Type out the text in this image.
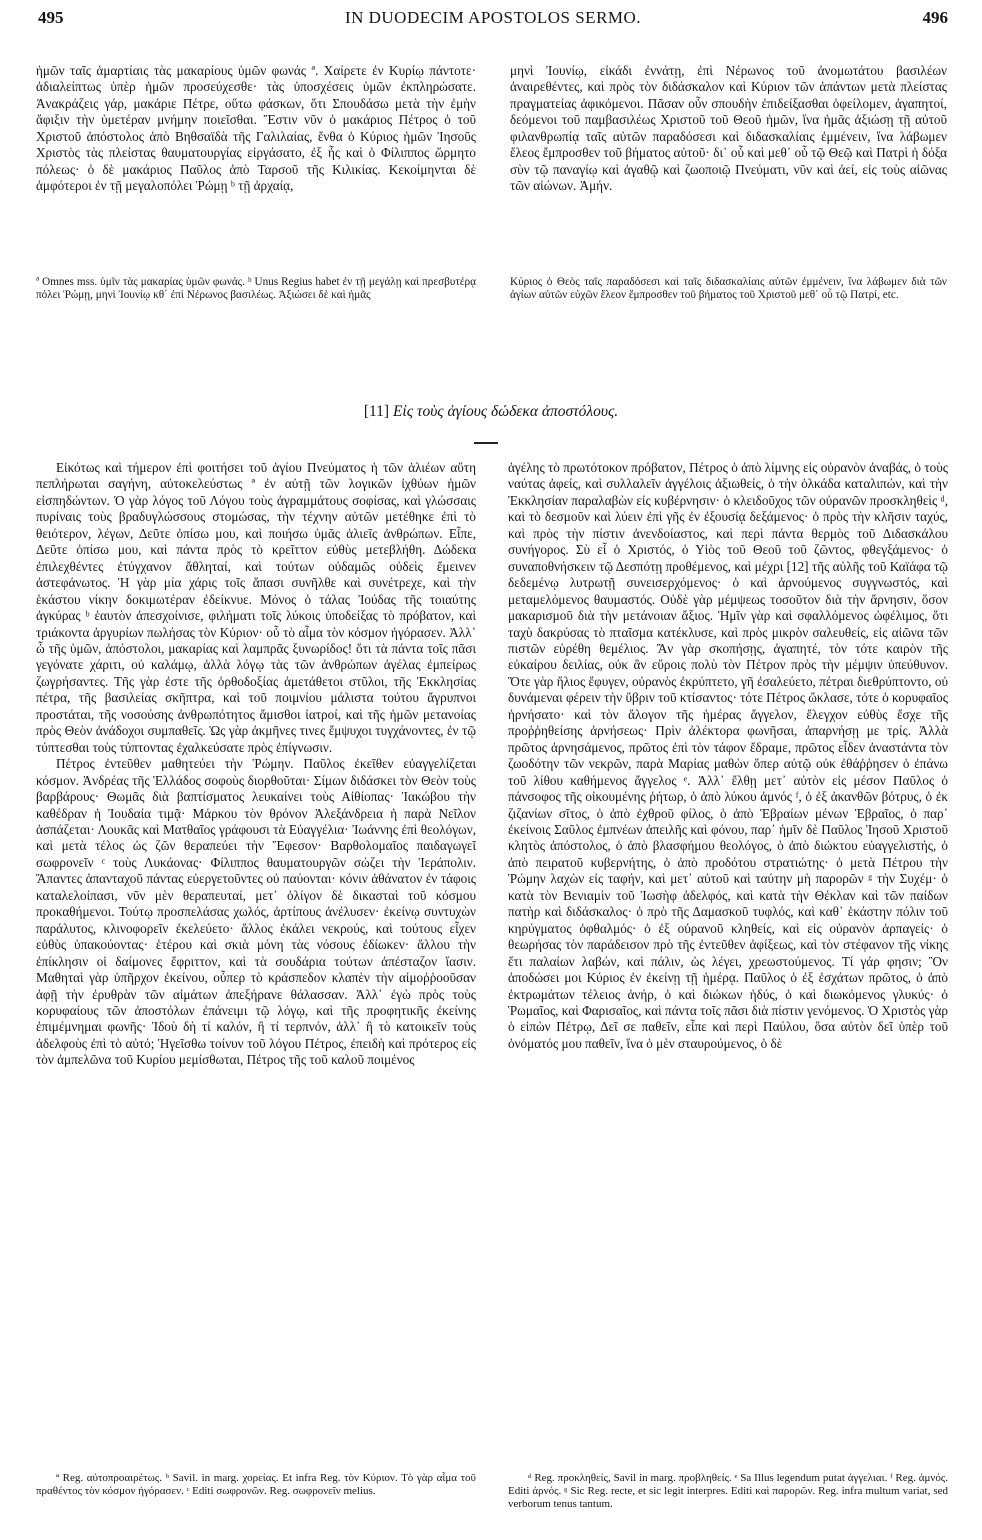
495	IN DUODECIM APOSTOLOS SERMO.	496

ἡμῶν ταῖς ἁμαρτίαις τὰς μακαρίους ὑμῶν φωνάς ª. Χαίρετε ἐν Κυρίῳ πάντοτε· ἀδιαλείπτως ὑπὲρ ἡμῶν προσεύχεσθε· τὰς ὑποσχέσεις ὑμῶν ἐκπληρώσατε. Ἀνακράζεις γάρ, μακάριε Πέτρε, οὕτω φάσκων, ὅτι Σπουδάσω μετὰ τὴν ἐμὴν ἄφιξιν τὴν ὑμετέραν μνήμην ποιεῖσθαι. Ἔστιν νῦν ὁ μακάριος Πέτρος ὁ τοῦ Χριστοῦ ἀπόστολος ἀπὸ Βηθσαϊδὰ τῆς Γαλιλαίας, ἔνθα ὁ Κύριος ἡμῶν Ἰησοῦς Χριστὸς τὰς πλείστας θαυματουργίας εἰργάσατο, ἐξ ἧς καὶ ὁ Φίλιππος ὥρμητο πόλεως· ὁ δὲ μακάριος Παῦλος ἀπὸ Ταρσοῦ τῆς Κιλικίας. Κεκοίμηνται δὲ ἀμφότεροι ἐν τῇ μεγαλοπόλει Ῥώμῃ ᵇ τῇ ἀρχαίᾳ,

ª Omnes mss. ὑμῖν τὰς μακαρίας ὑμῶν φωνάς. ᵇ Unus Regius habet ἐν τῇ μεγάλῃ καὶ πρεσβυτέρᾳ πόλει Ῥώμῃ, μηνὶ Ἰουνίῳ κθ΄ ἐπὶ Νέρωνος βασιλέως. Ἀξιώσει δὲ καὶ ἡμᾶς

μηνὶ Ἰουνίῳ, εἰκάδι ἐννάτῃ, ἐπὶ Νέρωνος τοῦ ἀνομωτάτου βασιλέων ἀναιρεθέντες, καὶ πρὸς τὸν διδάσκαλον καὶ Κύριον τῶν ἁπάντων μετὰ πλείστας πραγματείας ἀφικόμενοι. Πᾶσαν οὖν σπουδὴν ἐπιδείξασθαι ὀφείλομεν, ἀγαπητοί, δεόμενοι τοῦ παμβασιλέως Χριστοῦ τοῦ Θεοῦ ἡμῶν, ἵνα ἡμᾶς ἀξιώσῃ τῇ αὐτοῦ φιλανθρωπίᾳ ταῖς αὐτῶν παραδόσεσι καὶ διδασκαλίαις ἐμμένειν, ἵνα λάβωμεν ἔλεος ἔμπροσθεν τοῦ βήματος αὐτοῦ· δι᾽ οὗ καὶ μεθ᾽ οὗ τῷ Θεῷ καὶ Πατρὶ ἡ δόξα σὺν τῷ παναγίῳ καὶ ἀγαθῷ καὶ ζωοποιῷ Πνεύματι, νῦν καὶ ἀεί, εἰς τοὺς αἰῶνας τῶν αἰώνων. Ἀμήν.

Κύριος ὁ Θεὸς ταῖς παραδόσεσι καὶ ταῖς διδασκαλίαις αὐτῶν ἐμμένειν, ἵνα λάβωμεν διὰ τῶν ἁγίων αὐτῶν εὐχῶν ἔλεον ἔμπροσθεν τοῦ βήματος τοῦ Χριστοῦ μεθ᾽ οὗ τῷ Πατρί, etc.

[11] Εἰς τοὺς ἁγίους δώδεκα ἀποστόλους.

Εἰκότως καὶ τήμερον ἐπὶ φοιτήσει τοῦ ἁγίου Πνεύματος ἡ τῶν ἁλιέων αὕτη πεπλήρωται σαγήνη, αὐτοκελεύστως ª ἐν αὐτῇ τῶν λογικῶν ἰχθύων ἡμῶν εἰσπηδώντων. Ὁ γὰρ λόγος τοῦ Λόγου τοὺς ἀγραμμάτους σοφίσας, καὶ γλώσσαις πυρίναις τοὺς βραδυγλώσσους στομώσας, τὴν τέχνην αὐτῶν μετέθηκε ἐπὶ τὸ θειότερον, λέγων, Δεῦτε ὀπίσω μου, καὶ ποιήσω ὑμᾶς ἁλιεῖς ἀνθρώπων. Εἶπε, Δεῦτε ὀπίσω μου, καὶ πάντα πρὸς τὸ κρεῖττον εὐθὺς μετεβλήθη. Δώδεκα ἐπιλεχθέντες ἐτύγχανον ἄθληταί, καὶ τούτων οὐδαμῶς οὐδεὶς ἔμεινεν ἀστεφάνωτος. Ἡ γὰρ μία χάρις τοῖς ἅπασι συνῆλθε καὶ συνέτρεχε, καὶ τὴν ἑκάστου νίκην δοκιμωτέραν ἐδείκνυε. Μόνος ὁ τάλας Ἰούδας τῆς τοιαύτης ἀγκύρας ᵇ ἑαυτὸν ἀπεσχοίνισε, φιλήματι τοῖς λύκοις ὑποδείξας τὸ πρόβατον, καὶ τριάκοντα ἀργυρίων πωλήσας τὸν Κύριον· οὗ τὸ αἷμα τὸν κόσμον ἠγόρασεν. Ἀλλ᾽ ὦ τῆς ὑμῶν, ἀπόστολοι, μακαρίας καὶ λαμπρᾶς ξυνωρίδος! ὅτι τὰ πάντα τοῖς πᾶσι γεγόνατε χάριτι, οὐ καλάμῳ, ἀλλὰ λόγῳ τὰς τῶν ἀνθρώπων ἀγέλας ἐμπείρως ζωγρήσαντες. Τῆς γὰρ ἐστε τῆς ὀρθοδοξίας ἀμετάθετοι στῦλοι, τῆς Ἐκκλησίας πέτρα, τῆς βασιλείας σκῆπτρα, καὶ τοῦ ποιμνίου μάλιστα τούτου ἄγρυπνοι προστάται, τῆς νοσούσης ἀνθρωπότητος ἄμισθοι ἰατροί, καὶ τῆς ἡμῶν μετανοίας πρὸς Θεὸν ἀνάδοχοι συμπαθεῖς. Ὡς γὰρ ἀκμῆνες τινες ἔμψυχοι τυγχάνοντες, ἐν τῷ τύπτεσθαι τοὺς τύπτοντας ἐχαλκεύσατε πρὸς ἐπίγνωσιν.

Πέτρος ἐντεῦθεν μαθητεύει τὴν Ῥώμην. Παῦλος ἐκεῖθεν εὐαγγελίζεται κόσμον. Ἀνδρέας τῆς Ἑλλάδος σοφοὺς διορθοῦται· Σίμων διδάσκει τὸν Θεὸν τοὺς βαρβάρους· Θωμᾶς διὰ βαπτίσματος λευκαίνει τοὺς Αἰθίοπας· Ἰακώβου τὴν καθέδραν ἡ Ἰουδαία τιμᾷ· Μάρκου τὸν θρόνον Ἀλεξάνδρεια ἡ παρὰ Νεῖλον ἀσπάζεται· Λουκᾶς καὶ Ματθαῖος γράφουσι τὰ Εὐαγγέλια· Ἰωάννης ἐπὶ θεολόγων, καὶ μετὰ τέλος ὡς ζῶν θεραπεύει τὴν Ἔφεσον· Βαρθολομαῖος παιδαγωγεῖ σωφρονεῖν ᶜ τοὺς Λυκάονας· Φίλιππος θαυματουργῶν σώζει τὴν Ἱεράπολιν. Ἅπαντες ἁπανταχοῦ πάντας εὐεργετοῦντες οὐ παύονται· κόνιν ἀθάνατον ἐν τάφοις καταλελοίπασι, νῦν μὲν θεραπευταί, μετ᾽ ὀλίγον δὲ δικασταὶ τοῦ κόσμου προκαθήμενοι. Τούτῳ προσπελάσας χωλός, ἀρτίπους ἀνέλυσεν· ἐκείνῳ συντυχὼν παράλυτος, κλινοφορεῖν ἐκελεύετο· ἄλλος ἐκάλει νεκρούς, καὶ τούτους εἶχεν εὐθὺς ὑπακούοντας· ἑτέρου καὶ σκιὰ μόνη τὰς νόσους ἐδίωκεν· ἄλλου τὴν ἐπίκλησιν οἱ δαίμονες ἔφριττον, καὶ τὰ σουδάρια τούτων ἀπέσταζον ἴασιν. Μαθηταὶ γὰρ ὑπῆρχον ἐκείνου, οὗπερ τὸ κράσπεδον κλαπὲν τὴν αἱμοῤῥοοῦσαν ἀφῇ τὴν ἐρυθρὰν τῶν αἱμάτων ἀπεξήρανε θάλασσαν. Ἀλλ᾽ ἐγὼ πρὸς τοὺς κορυφαίους τῶν ἀποστόλων ἐπάνειμι τῷ λόγῳ, καὶ τῆς προφητικῆς ἐκείνης ἐπιμέμνημαι φωνῆς· Ἰδοὺ δὴ τί καλόν, ἢ τί τερπνόν, ἀλλ᾽ ἢ τὸ κατοικεῖν τοὺς ἀδελφοὺς ἐπὶ τὸ αὐτό; Ἡγεῖσθω τοίνυν τοῦ λόγου Πέτρος, ἐπειδὴ καὶ πρότερος εἰς τὸν ἀμπελῶνα τοῦ Κυρίου μεμίσθωται, Πέτρος τῆς τοῦ καλοῦ ποιμένος

ἀγέλης τὸ πρωτότοκον πρόβατον, Πέτρος ὁ ἀπὸ λίμνης εἰς οὐρανὸν ἀναβάς, ὁ τοὺς ναύτας ἀφείς, καὶ συλλαλεῖν ἀγγέλοις ἀξιωθείς, ὁ τὴν ὁλκάδα καταλιπών, καὶ τὴν Ἐκκλησίαν παραλαβὼν εἰς κυβέρνησιν· ὁ κλειδοῦχος τῶν οὐρανῶν προσκληθεὶς ᵈ, καὶ τὸ δεσμοῦν καὶ λύειν ἐπὶ γῆς ἐν ἐξουσίᾳ δεξάμενος· ὁ πρὸς τὴν κλῆσιν ταχύς, καὶ πρὸς τὴν πίστιν ἀνενδοίαστος, καὶ περὶ πάντα θερμὸς τοῦ Διδασκάλου συνήγορος. Σὺ εἶ ὁ Χριστός, ὁ Υἱὸς τοῦ Θεοῦ τοῦ ζῶντος, φθεγξάμενος· ὁ συναποθνήσκειν τῷ Δεσπότῃ προθέμενος, καὶ μέχρι [12] τῆς αὐλῆς τοῦ Καϊάφα τῷ δεδεμένῳ λυτρωτῇ συνεισερχόμενος· ὁ καὶ ἀρνούμενος συγγνωστός, καὶ μεταμελόμενος θαυμαστός. Οὐδὲ γὰρ μέμψεως τοσοῦτον διὰ τὴν ἄρνησιν, ὅσον μακαρισμοῦ διὰ τὴν μετάνοιαν ἄξιος. Ἡμῖν γὰρ καὶ σφαλλόμενος ὠφέλιμος, ὅτι ταχὺ δακρύσας τὸ πταῖσμα κατέκλυσε, καὶ πρὸς μικρὸν σαλευθείς, εἰς αἰῶνα τῶν πιστῶν εὑρέθη θεμέλιος. Ἂν γὰρ σκοπήσῃς, ἀγαπητέ, τὸν τότε καιρὸν τῆς εὐκαίρου δειλίας, οὐκ ἂν εὕροις πολὺ τὸν Πέτρον πρὸς τὴν μέμψιν ὑπεύθυνον. Ὅτε γὰρ ἥλιος ἔφυγεν, οὐρανὸς ἐκρύπτετο, γῆ ἐσαλεύετο, πέτραι διεθρύπτοντο, οὐ δυνάμεναι φέρειν τὴν ὕβριν τοῦ κτίσαντος· τότε Πέτρος ὤκλασε, τότε ὁ κορυφαῖος ἠρνήσατο· καὶ τὸν ἄλογον τῆς ἡμέρας ἄγγελον, ἔλεγχον εὐθὺς ἔσχε τῆς προῤῥηθείσης ἀρνήσεως· Πρὶν ἀλέκτορα φωνῆσαι, ἀπαρνήσῃ με τρίς. Ἀλλὰ πρῶτος ἀρνησάμενος, πρῶτος ἐπὶ τὸν τάφον ἔδραμε, πρῶτος εἶδεν ἀναστάντα τὸν ζωοδότην τῶν νεκρῶν, παρὰ Μαρίας μαθὼν ὅπερ αὐτῷ οὐκ ἐθάῤῥησεν ὁ ἐπάνω τοῦ λίθου καθήμενος ἄγγελος ᵉ. Ἀλλ᾽ ἔλθῃ μετ᾽ αὐτὸν εἰς μέσον Παῦλος ὁ πάνσοφος τῆς οἰκουμένης ῥήτωρ, ὁ ἀπὸ λύκου ἀμνός ᶠ, ὁ ἐξ ἀκανθῶν βότρυς, ὁ ἐκ ζιζανίων σῖτος, ὁ ἀπὸ ἐχθροῦ φίλος, ὁ ἀπὸ Ἑβραίων μένων Ἑβραῖος, ὁ παρ᾽ ἐκείνοις Σαῦλος ἐμπνέων ἀπειλῆς καὶ φόνου, παρ᾽ ἡμῖν δὲ Παῦλος Ἰησοῦ Χριστοῦ κλητὸς ἀπόστολος, ὁ ἀπὸ βλασφήμου θεολόγος, ὁ ἀπὸ διώκτου εὐαγγελιστής, ὁ ἀπὸ πειρατοῦ κυβερνήτης, ὁ ἀπὸ προδότου στρατιώτης· ὁ μετὰ Πέτρου τὴν Ῥώμην λαχὼν εἰς ταφήν, καὶ μετ᾽ αὐτοῦ καὶ ταύτην μὴ παρορῶν ᵍ τὴν Συχέμ· ὁ κατὰ τὸν Βενιαμὶν τοῦ Ἰωσὴφ ἀδελφός, καὶ κατὰ τὴν Θέκλαν καὶ τῶν παίδων πατὴρ καὶ διδάσκαλος· ὁ πρὸ τῆς Δαμασκοῦ τυφλός, καὶ καθ᾽ ἑκάστην πόλιν τοῦ κηρύγματος ὀφθαλμός· ὁ ἐξ οὐρανοῦ κληθείς, καὶ εἰς οὐρανὸν ἁρπαγείς· ὁ θεωρήσας τὸν παράδεισον πρὸ τῆς ἐντεῦθεν ἀφίξεως, καὶ τὸν στέφανον τῆς νίκης ἔτι παλαίων λαβών, καὶ πάλιν, ὡς λέγει, χρεωστούμενος. Τί γάρ φησιν; Ὃν ἀποδώσει μοι Κύριος ἐν ἐκείνῃ τῇ ἡμέρᾳ. Παῦλος ὁ ἐξ ἐσχάτων πρῶτος, ὁ ἀπὸ ἐκτρωμάτων τέλειος ἀνήρ, ὁ καὶ διώκων ἡδύς, ὁ καὶ διωκόμενος γλυκύς· ὁ Ῥωμαῖος, καὶ Φαρισαῖος, καὶ πάντα τοῖς πᾶσι διὰ πίστιν γενόμενος. Ὁ Χριστὸς γὰρ ὁ εἰπὼν Πέτρῳ, Δεῖ σε παθεῖν, εἶπε καὶ περὶ Παύλου, ὅσα αὐτὸν δεῖ ὑπὲρ τοῦ ὀνόματός μου παθεῖν, ἵνα ὁ μὲν σταυρούμενος, ὁ δὲ

ª Reg. αὐτοπροαιρέτως. ᵇ Savil. in marg. χορείας. Et infra Reg. τὸν Κύριον. Τὸ γὰρ αἷμα τοῦ πραθέντος τὸν κόσμον ἠγόρασεν. ᶜ Editi σωφρονῶν. Reg. σωφρονεῖν melius.

ᵈ Reg. προκληθείς, Savil in marg. προβληθείς. ᵉ Sa Illus legendum putat ἀγγελιαι. ᶠ Reg. ἀμνός. Editi ἀρνός. ᵍ Sic Reg. recte, et sic legit interpres. Editi καὶ παρορῶν. Reg. infra multum variat, sed verborum tenus tantum.
